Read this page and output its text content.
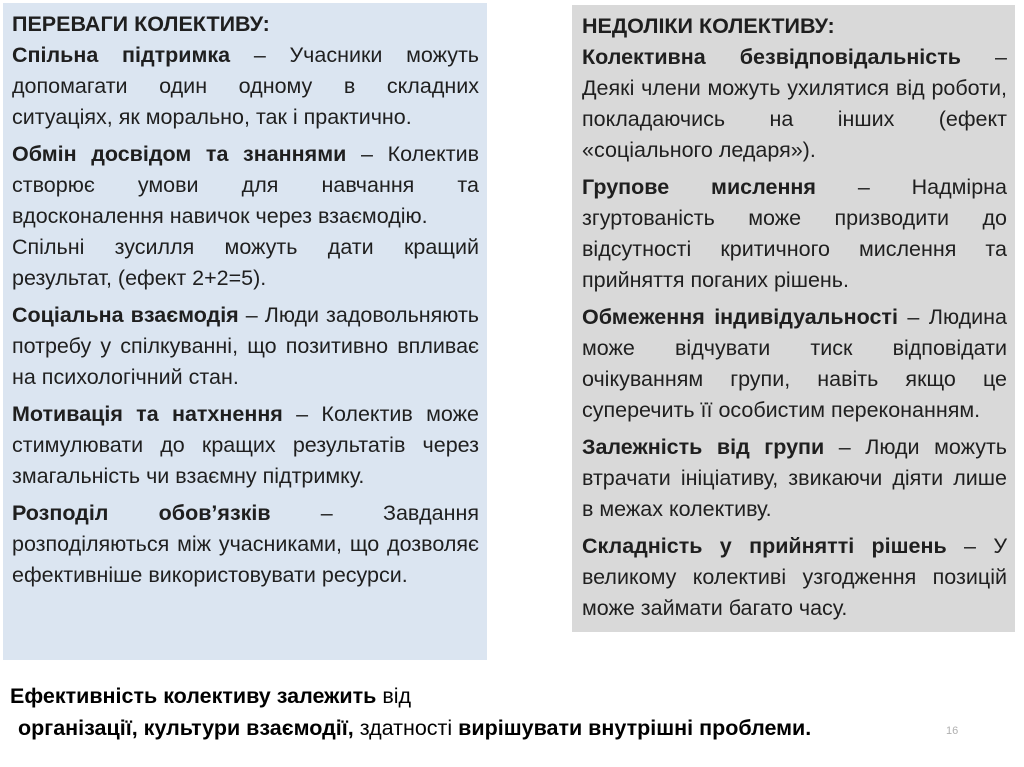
ПЕРЕВАГИ КОЛЕКТИВУ:
Спільна підтримка – Учасники можуть допомагати один одному в складних ситуаціях, як морально, так і практично.
Обмін досвідом та знаннями – Колектив створює умови для навчання та вдосконалення навичок через взаємодію.
Спільні зусилля можуть дати кращий результат, (ефект 2+2=5).
Соціальна взаємодія – Люди задовольняють потребу у спілкуванні, що позитивно впливає на психологічний стан.
Мотивація та натхнення – Колектив може стимулювати до кращих результатів через змагальність чи взаємну підтримку.
Розподіл обов’язків – Завдання розподіляються між учасниками, що дозволяє ефективніше використовувати ресурси.
НЕДОЛІКИ КОЛЕКТИВУ:
Колективна безвідповідальність – Деякі члени можуть ухилятися від роботи, покладаючись на інших (ефект «соціального ледаря»).
Групове мислення – Надмірна згуртованість може призводити до відсутності критичного мислення та прийняття поганих рішень.
Обмеження індивідуальності – Людина може відчувати тиск відповідати очікуванням групи, навіть якщо це суперечить її особистим переконанням.
Залежність від групи – Люди можуть втрачати ініціативу, звикаючи діяти лише в межах колективу.
Складність у прийнятті рішень – У великому колективі узгодження позицій може займати багато часу.
Ефективність колективу залежить від
організації, культури взаємодії, здатності вирішувати внутрішні проблеми.	16
